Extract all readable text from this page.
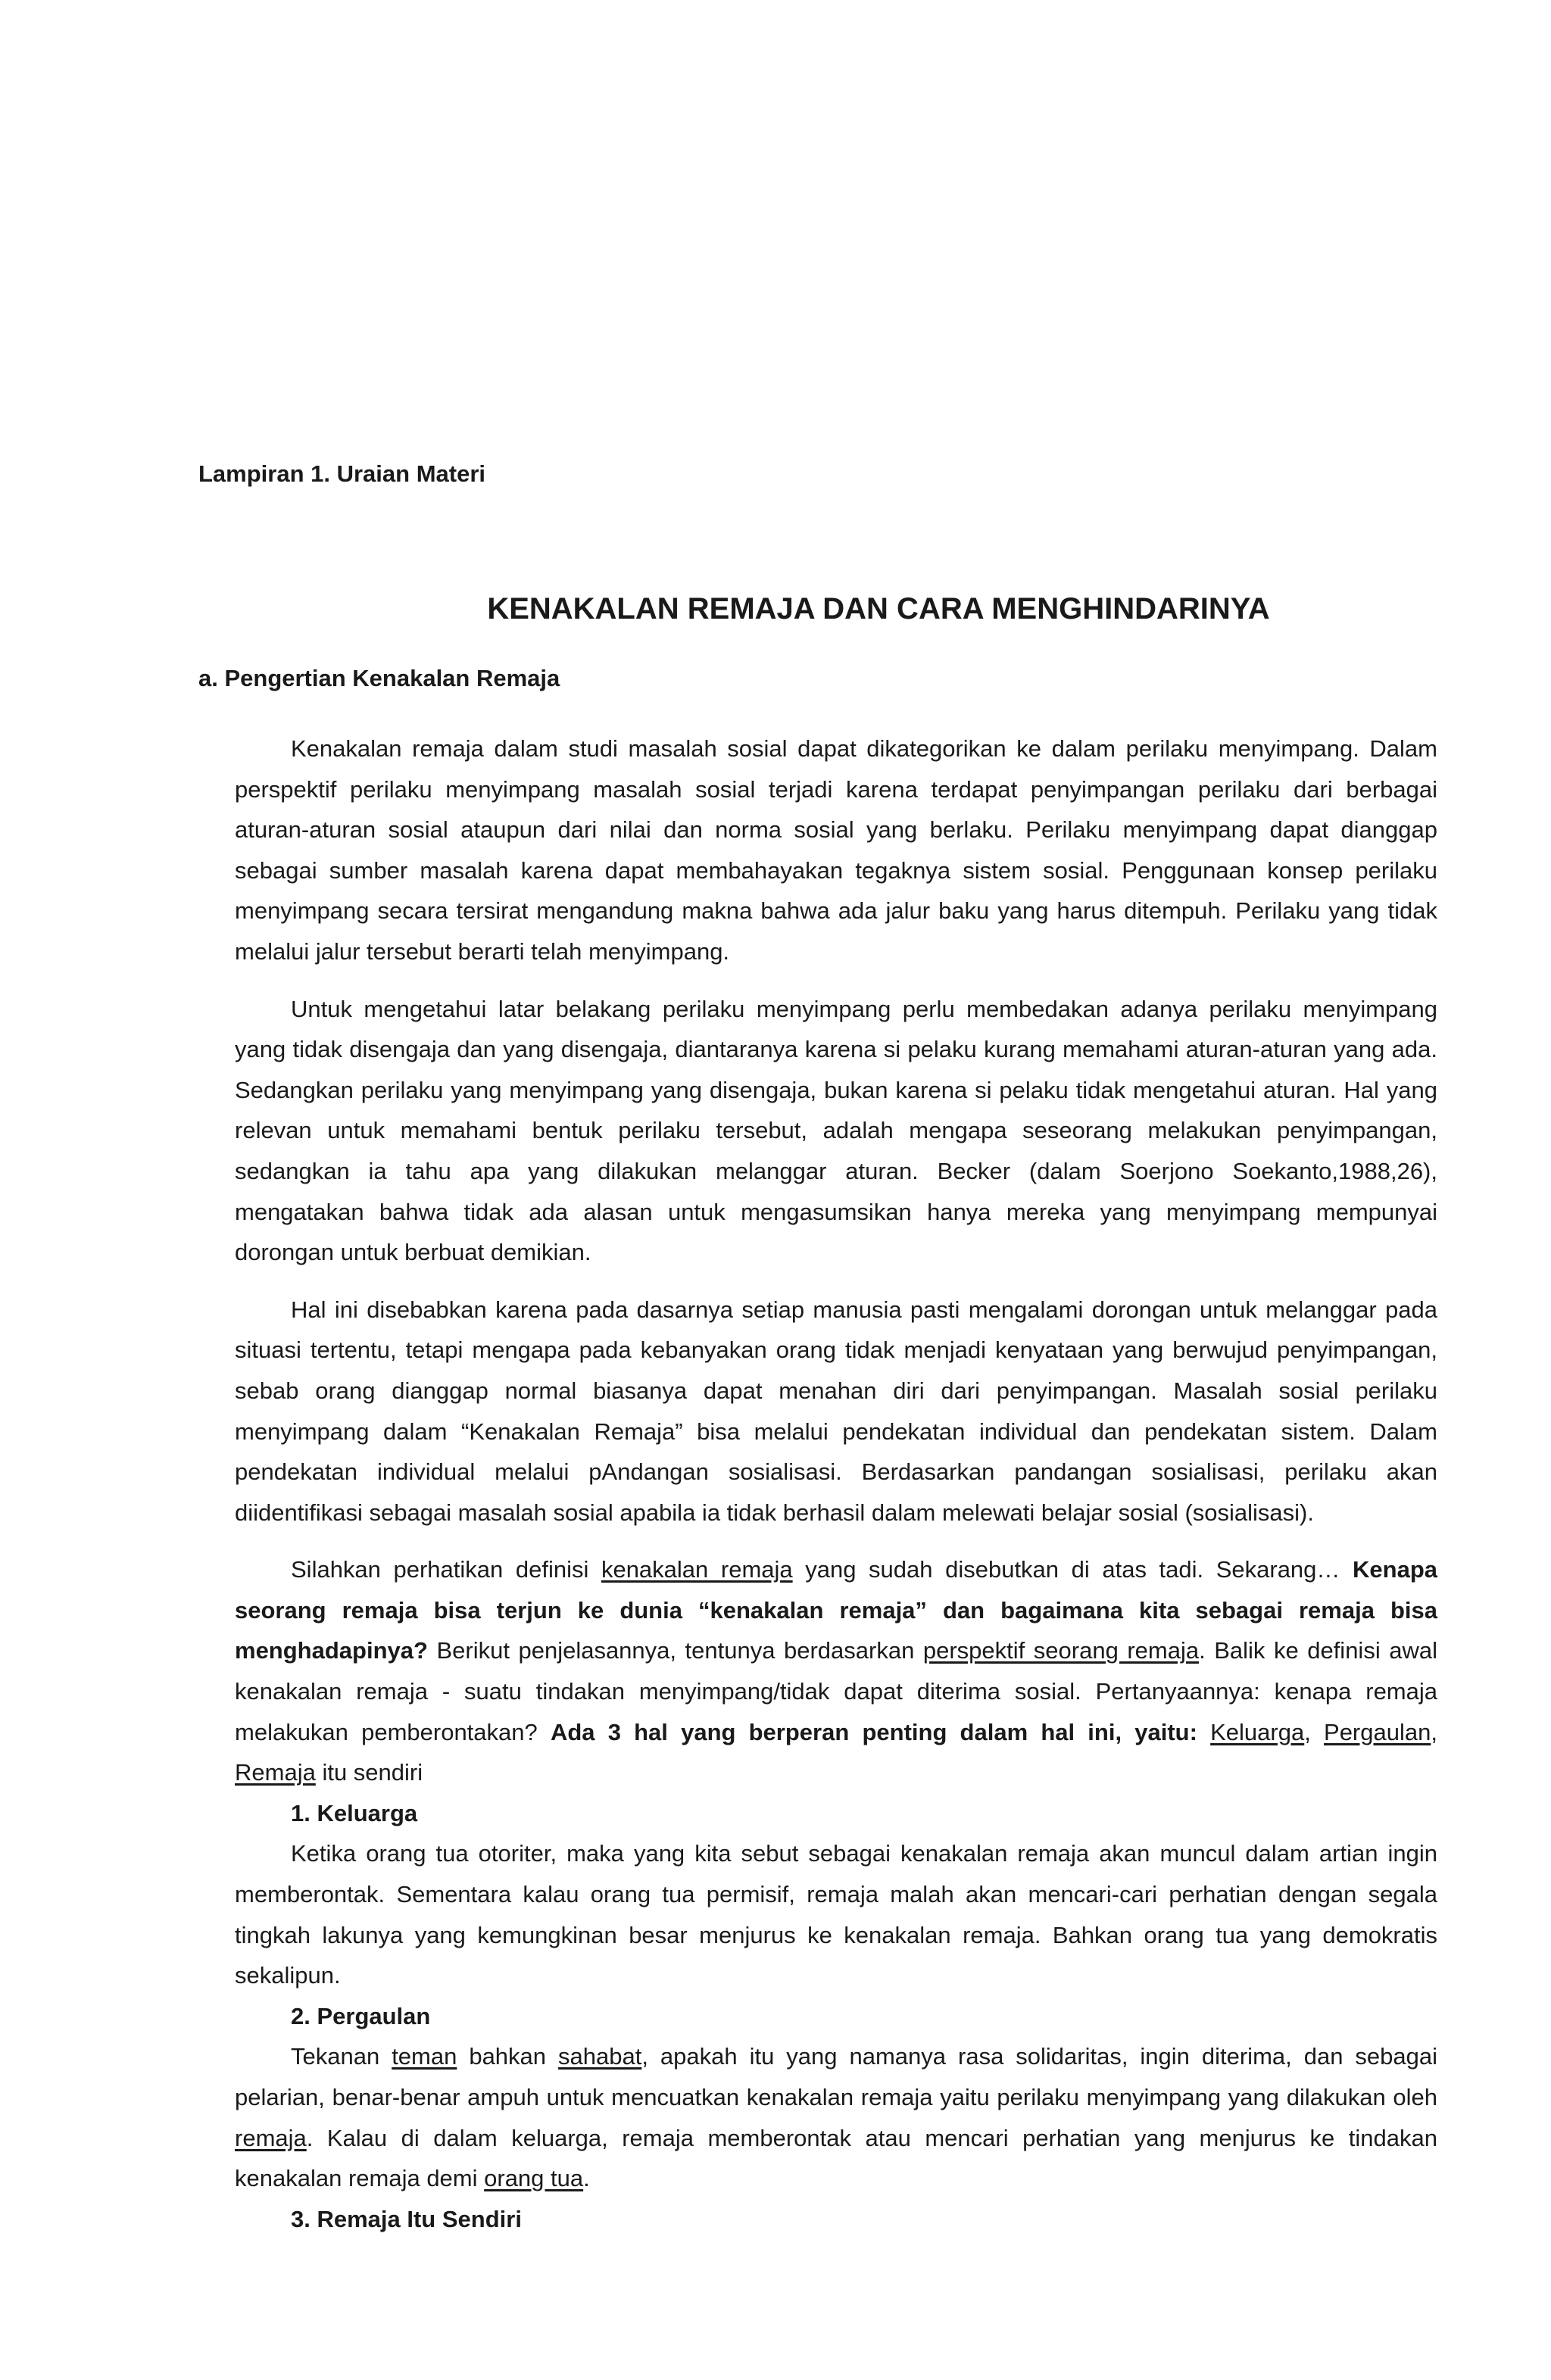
Lampiran 1. Uraian Materi

KENAKALAN REMAJA DAN CARA MENGHINDARINYA
a. Pengertian Kenakalan Remaja

Kenakalan remaja dalam studi masalah sosial dapat dikategorikan ke dalam perilaku menyimpang. Dalam perspektif perilaku menyimpang masalah sosial terjadi karena terdapat penyimpangan perilaku dari berbagai aturan-aturan sosial ataupun dari nilai dan norma sosial yang berlaku. Perilaku menyimpang dapat dianggap sebagai sumber masalah karena dapat membahayakan tegaknya sistem sosial. Penggunaan konsep perilaku menyimpang secara tersirat mengandung makna bahwa ada jalur baku yang harus ditempuh. Perilaku yang tidak melalui jalur tersebut berarti telah menyimpang.

Untuk mengetahui latar belakang perilaku menyimpang perlu membedakan adanya perilaku menyimpang yang tidak disengaja dan yang disengaja, diantaranya karena si pelaku kurang memahami aturan-aturan yang ada. Sedangkan perilaku yang menyimpang yang disengaja, bukan karena si pelaku tidak mengetahui aturan. Hal yang relevan untuk memahami bentuk perilaku tersebut, adalah mengapa seseorang melakukan penyimpangan, sedangkan ia tahu apa yang dilakukan melanggar aturan. Becker (dalam Soerjono Soekanto,1988,26), mengatakan bahwa tidak ada alasan untuk mengasumsikan hanya mereka yang menyimpang mempunyai dorongan untuk berbuat demikian.

Hal ini disebabkan karena pada dasarnya setiap manusia pasti mengalami dorongan untuk melanggar pada situasi tertentu, tetapi mengapa pada kebanyakan orang tidak menjadi kenyataan yang berwujud penyimpangan, sebab orang dianggap normal biasanya dapat menahan diri dari penyimpangan. Masalah sosial perilaku menyimpang dalam “Kenakalan Remaja” bisa melalui pendekatan individual dan pendekatan sistem. Dalam pendekatan individual melalui pAndangan sosialisasi. Berdasarkan pandangan sosialisasi, perilaku akan diidentifikasi sebagai masalah sosial apabila ia tidak berhasil dalam melewati belajar sosial (sosialisasi).

Silahkan perhatikan definisi kenakalan remaja yang sudah disebutkan di atas tadi. Sekarang… Kenapa seorang remaja bisa terjun ke dunia “kenakalan remaja” dan bagaimana kita sebagai remaja bisa menghadapinya? Berikut penjelasannya, tentunya berdasarkan perspektif seorang remaja. Balik ke definisi awal kenakalan remaja - suatu tindakan menyimpang/tidak dapat diterima sosial. Pertanyaannya: kenapa remaja melakukan pemberontakan? Ada 3 hal yang berperan penting dalam hal ini, yaitu: Keluarga, Pergaulan, Remaja itu sendiri

1. Keluarga

Ketika orang tua otoriter, maka yang kita sebut sebagai kenakalan remaja akan muncul dalam artian ingin memberontak. Sementara kalau orang tua permisif, remaja malah akan mencari-cari perhatian dengan segala tingkah lakunya yang kemungkinan besar menjurus ke kenakalan remaja. Bahkan orang tua yang demokratis sekalipun.

2. Pergaulan

Tekanan teman bahkan sahabat, apakah itu yang namanya rasa solidaritas, ingin diterima, dan sebagai pelarian, benar-benar ampuh untuk mencuatkan kenakalan remaja yaitu perilaku menyimpang yang dilakukan oleh remaja. Kalau di dalam keluarga, remaja memberontak atau mencari perhatian yang menjurus ke tindakan kenakalan remaja demi orang tua.

3. Remaja Itu Sendiri
